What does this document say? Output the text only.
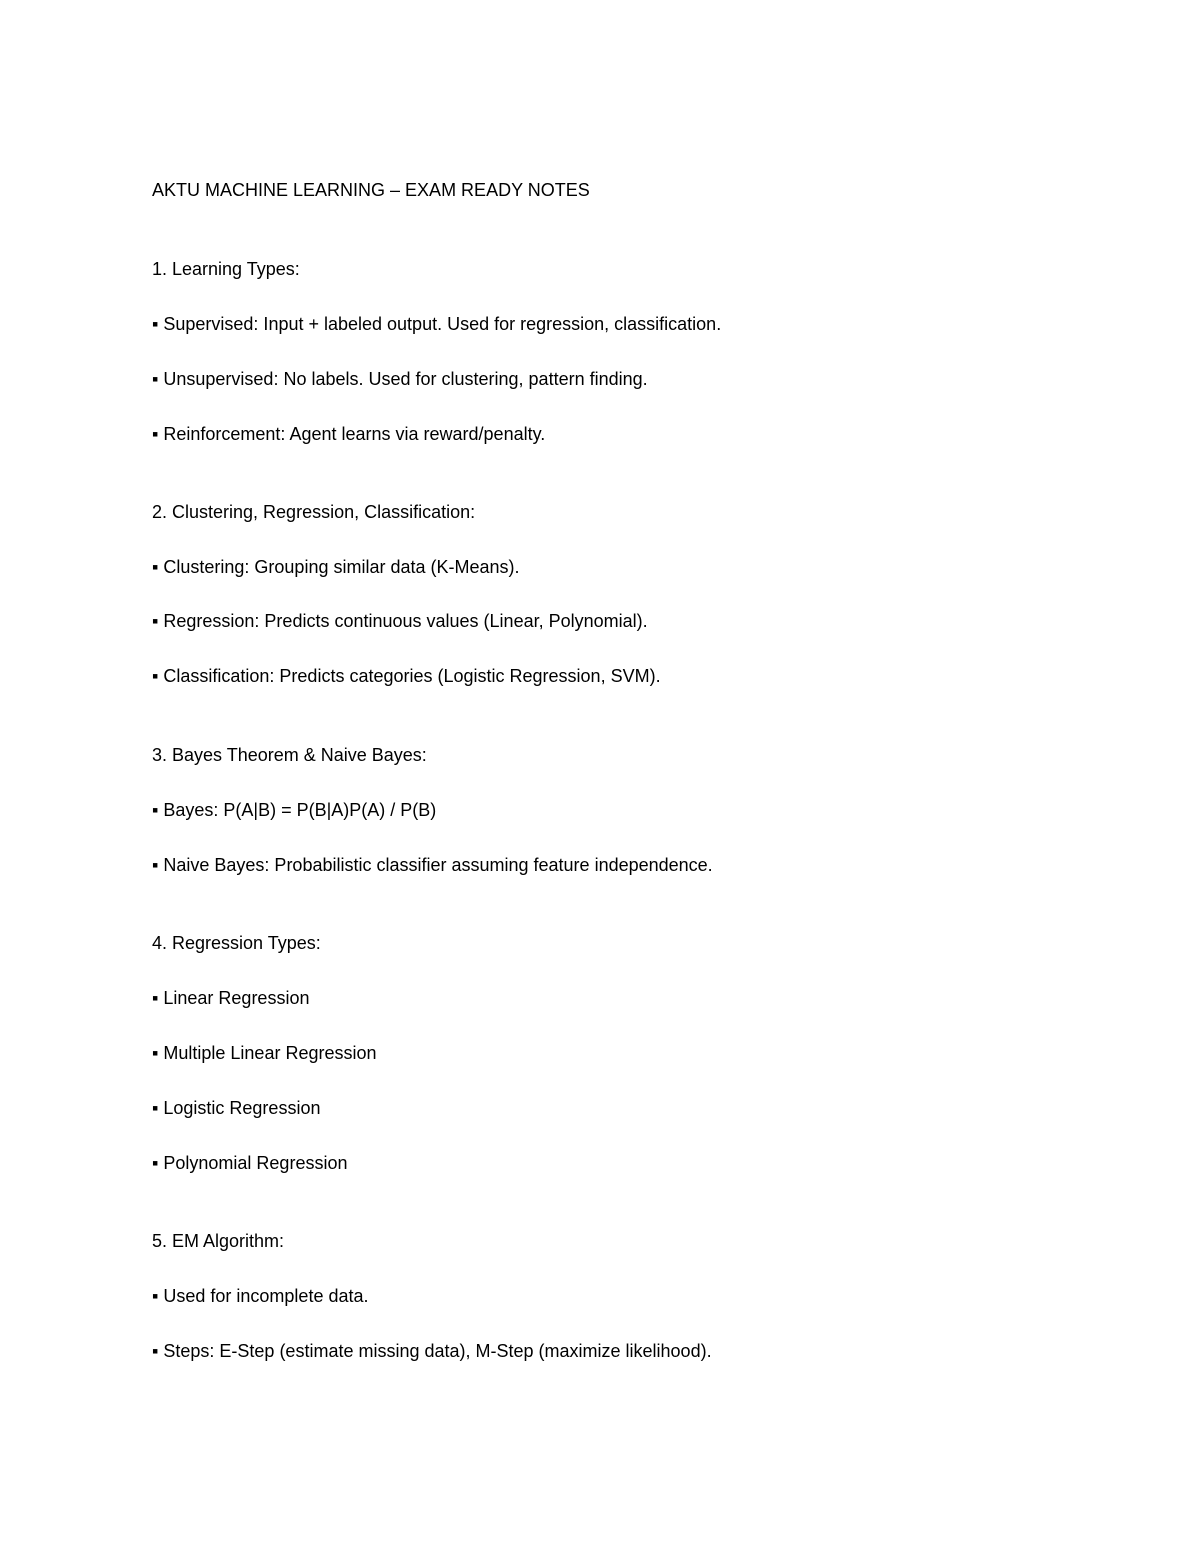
AKTU MACHINE LEARNING – EXAM READY NOTES
1. Learning Types:
▪ Supervised: Input + labeled output. Used for regression, classification.
▪ Unsupervised: No labels. Used for clustering, pattern finding.
▪ Reinforcement: Agent learns via reward/penalty.
2. Clustering, Regression, Classification:
▪ Clustering: Grouping similar data (K-Means).
▪ Regression: Predicts continuous values (Linear, Polynomial).
▪ Classification: Predicts categories (Logistic Regression, SVM).
3. Bayes Theorem & Naive Bayes:
▪ Bayes: P(A|B) = P(B|A)P(A) / P(B)
▪ Naive Bayes: Probabilistic classifier assuming feature independence.
4. Regression Types:
▪ Linear Regression
▪ Multiple Linear Regression
▪ Logistic Regression
▪ Polynomial Regression
5. EM Algorithm:
▪ Used for incomplete data.
▪ Steps: E-Step (estimate missing data), M-Step (maximize likelihood).
